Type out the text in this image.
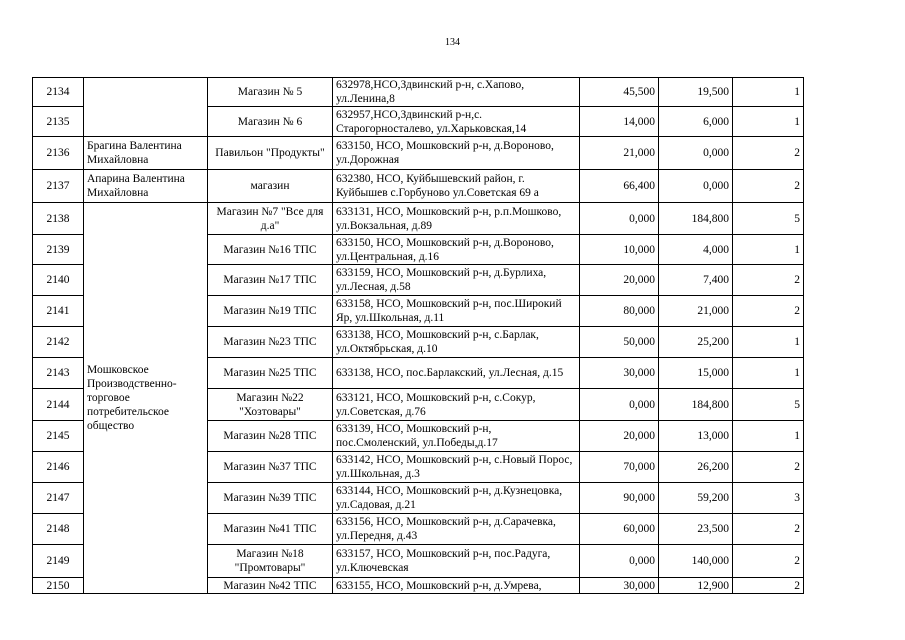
134
2134		Магазин № 5	632978,НСО,Здвинский р-н, с.Хапово, ул.Ленина,8	45,500	19,500	1
2135		Магазин № 6	632957,НСО,Здвинский р-н,с. Старогорносталево, ул.Харьковская,14	14,000	6,000	1
2136	Брагина Валентина Михайловна	Павильон "Продукты"	633150, НСО, Мошковский р-н, д.Вороново, ул.Дорожная	21,000	0,000	2
2137	Апарина Валентина Михайловна	магазин	632380, НСО, Куйбышевский район, г. Куйбышев с.Горбуново ул.Советская 69 а	66,400	0,000	2
2138	Мошковское Производственно-торговое потребительское общество	Магазин №7 "Все для д.а"	633131, НСО, Мошковский р-н, р.п.Мошково, ул.Вокзальная, д.89	0,000	184,800	5
2139		Магазин №16 ТПС	633150, НСО, Мошковский р-н, д.Вороново, ул.Центральная, д.16	10,000	4,000	1
2140		Магазин №17 ТПС	633159, НСО, Мошковский р-н, д.Бурлиха, ул.Лесная, д.58	20,000	7,400	2
2141		Магазин №19 ТПС	633158, НСО, Мошковский р-н, пос.Широкий Яр, ул.Школьная, д.11	80,000	21,000	2
2142		Магазин №23 ТПС	633138, НСО, Мошковский р-н, с.Барлак, ул.Октябрьская, д.10	50,000	25,200	1
2143		Магазин №25 ТПС	633138, НСО, пос.Барлакский, ул.Лесная, д.15	30,000	15,000	1
2144		Магазин №22 "Хозтовары"	633121, НСО, Мошковский р-н, с.Сокур, ул.Советская, д.76	0,000	184,800	5
2145		Магазин №28 ТПС	633139, НСО, Мошковский р-н, пос.Смоленский, ул.Победы,д.17	20,000	13,000	1
2146		Магазин №37 ТПС	633142, НСО, Мошковский р-н, с.Новый Порос, ул.Школьная, д.3	70,000	26,200	2
2147		Магазин №39 ТПС	633144, НСО, Мошковский р-н, д.Кузнецовка, ул.Садовая, д.21	90,000	59,200	3
2148		Магазин №41 ТПС	633156, НСО, Мошковский р-н, д.Сарачевка, ул.Передня, д.43	60,000	23,500	2
2149		Магазин №18 "Промтовары"	633157, НСО, Мошковский р-н, пос.Радуга, ул.Ключевская	0,000	140,000	2
2150		Магазин №42 ТПС	633155, НСО, Мошковский р-н, д.Умрева,	30,000	12,900	2
